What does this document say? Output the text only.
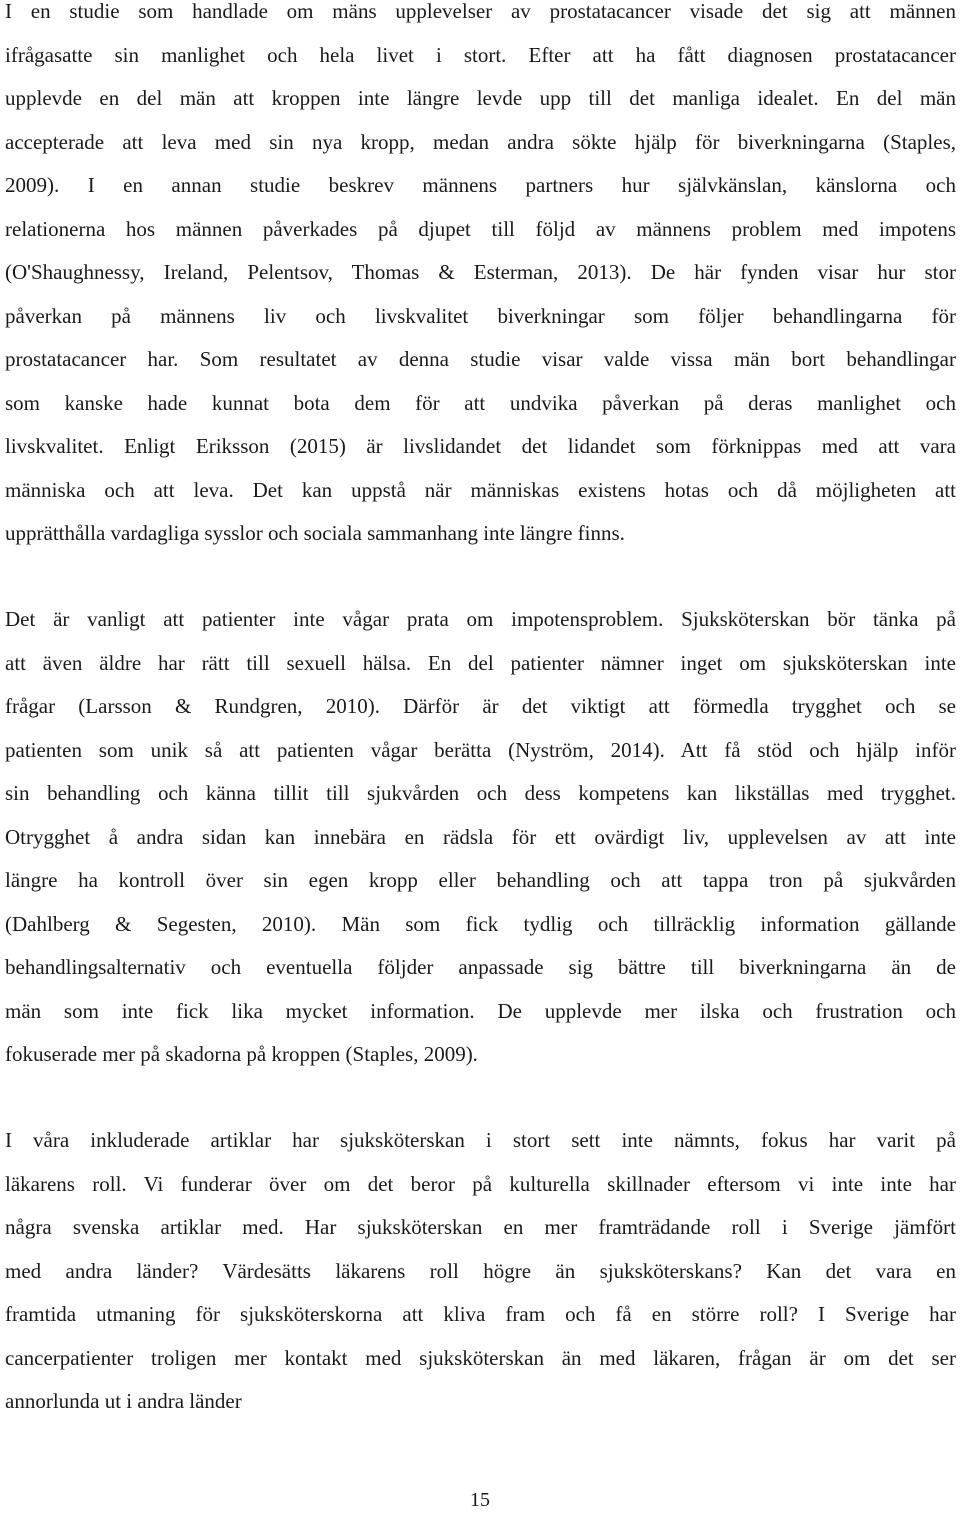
I en studie som handlade om mäns upplevelser av prostatacancer visade det sig att männen
ifrågasatte sin manlighet och hela livet i stort. Efter att ha fått diagnosen prostatacancer
upplevde en del män att kroppen inte längre levde upp till det manliga idealet. En del män
accepterade att leva med sin nya kropp, medan andra sökte hjälp för biverkningarna (Staples,
2009). I en annan studie beskrev männens partners hur självkänslan, känslorna och
relationerna hos männen påverkades på djupet till följd av männens problem med impotens
(O'Shaughnessy, Ireland, Pelentsov, Thomas & Esterman, 2013). De här fynden visar hur stor
påverkan på männens liv och livskvalitet biverkningar som följer behandlingarna för
prostatacancer har. Som resultatet av denna studie visar valde vissa män bort behandlingar
som kanske hade kunnat bota dem för att undvika påverkan på deras manlighet och
livskvalitet. Enligt Eriksson (2015) är livslidandet det lidandet som förknippas med att vara
människa och att leva. Det kan uppstå när människas existens hotas och då möjligheten att
upprätthålla vardagliga sysslor och sociala sammanhang inte längre finns.

Det är vanligt att patienter inte vågar prata om impotensproblem. Sjuksköterskan bör tänka på
att även äldre har rätt till sexuell hälsa. En del patienter nämner inget om sjuksköterskan inte
frågar (Larsson & Rundgren, 2010). Därför är det viktigt att förmedla trygghet och se
patienten som unik så att patienten vågar berätta (Nyström, 2014). Att få stöd och hjälp inför
sin behandling och känna tillit till sjukvården och dess kompetens kan likställas med trygghet.
Otrygghet å andra sidan kan innebära en rädsla för ett ovärdigt liv, upplevelsen av att inte
längre ha kontroll över sin egen kropp eller behandling och att tappa tron på sjukvården
(Dahlberg & Segesten, 2010). Män som fick tydlig och tillräcklig information gällande
behandlingsalternativ och eventuella följder anpassade sig bättre till biverkningarna än de
män som inte fick lika mycket information. De upplevde mer ilska och frustration och
fokuserade mer på skadorna på kroppen (Staples, 2009).

I våra inkluderade artiklar har sjuksköterskan i stort sett inte nämnts, fokus har varit på
läkarens roll. Vi funderar över om det beror på kulturella skillnader eftersom vi inte inte har
några svenska artiklar med. Har sjuksköterskan en mer framträdande roll i Sverige jämfört
med andra länder? Värdesätts läkarens roll högre än sjuksköterskans? Kan det vara en
framtida utmaning för sjuksköterskorna att kliva fram och få en större roll? I Sverige har
cancerpatienter troligen mer kontakt med sjuksköterskan än med läkaren, frågan är om det ser
annorlunda ut i andra länder

15
